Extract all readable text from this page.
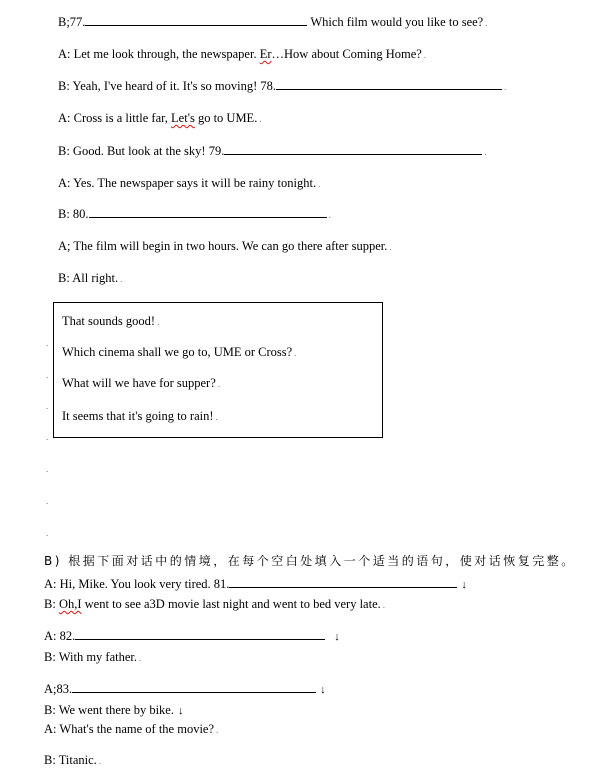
B;77.	Which film would you like to see? .
A: Let me look through, the newspaper. Er…How about Coming Home? .
B: Yeah, I've heard of it. It's so moving! 78.	.
A: Cross is a little far, Let's go to UME. .
B: Good. But look at the sky! 79.	.
A: Yes. The newspaper says it will be rainy tonight. .
B: 80.	.
A; The film will begin in two hours. We can go there after supper. .
B: All right. .
That sounds good! .
Which cinema shall we go to, UME or Cross? .
What will we have for supper? .
It seems that it's going to rain! .
.
.
.
.
.
.
.
B) 根据下面对话中的情境，在每个空白处填入一个适当的语句，使对话恢复完整。
A: Hi, Mike. You look very tired. 81.	↓
B: Oh,I went to see a3D movie last night and went to bed very late. .
A: 82.	↓
B: With my father. .
A;83.	↓
B: We went there by bike. ↓
A: What's the name of the movie? .
B: Titanic. .
